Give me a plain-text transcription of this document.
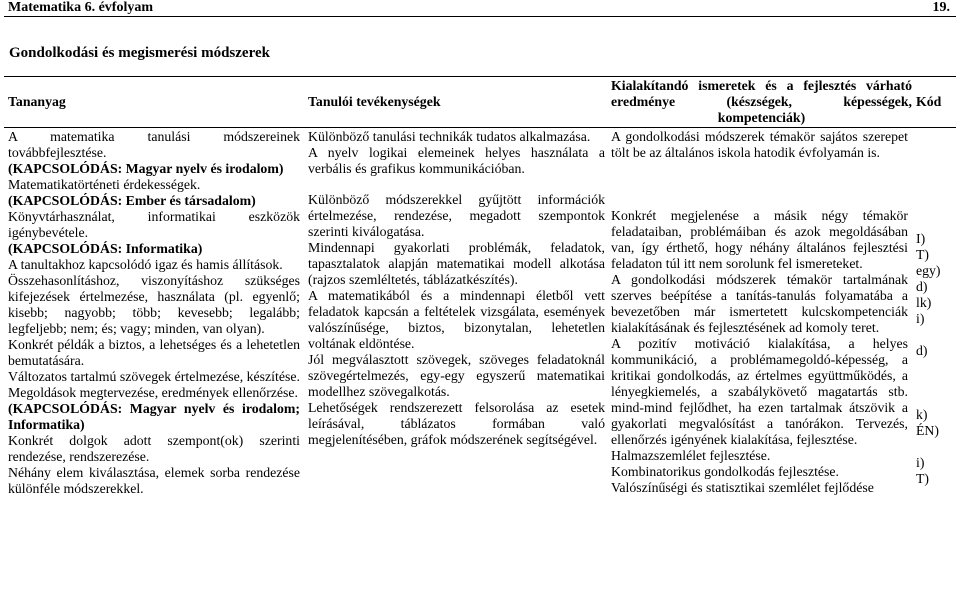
Matematika 6. évfolyam	19.
Gondolkodási és megismerési módszerek
Tananyag	Tanulói tevékenységek
Kialakítandó ismeretek és a fejlesztés várható
eredménye (készségek, képességek,
kompetenciák)
Kód

A matematika tanulási módszereinek továbbfejlesztése.

(KAPCSOLÓDÁS: Magyar nyelv és irodalom)

Matematikatörténeti érdekességek.

(KAPCSOLÓDÁS: Ember és társadalom)

Könyvtárhasználat, informatikai eszközök igénybevétele.

(KAPCSOLÓDÁS: Informatika)

A tanultakhoz kapcsolódó igaz és hamis állítások.

Összehasonlításhoz, viszonyításhoz szükséges kifejezések értelmezése, használata (pl. egyenlő; kisebb; nagyobb; több; kevesebb; legalább; legfeljebb; nem; és; vagy; minden, van olyan).

Konkrét példák a biztos, a lehetséges és a lehetetlen bemutatására.

Változatos tartalmú szövegek értelmezése, készítése.

Megoldások megtervezése, eredmények ellenőrzése.

(KAPCSOLÓDÁS: Magyar nyelv és irodalom; Informatika)

Konkrét dolgok adott szempont(ok) szerinti rendezése, rendszerezése.

Néhány elem kiválasztása, elemek sorba rendezése különféle módszerekkel.

Különböző tanulási technikák tudatos alkalmazása.

A nyelv logikai elemeinek helyes használata a verbális és grafikus kommunikációban.

Különböző módszerekkel gyűjtött információk értelmezése, rendezése, megadott szempontok szerinti kiválogatása.

Mindennapi gyakorlati problémák, feladatok, tapasztalatok alapján matematikai modell alkotása (rajzos szemléltetés, táblázatkészítés).

A matematikából és a mindennapi életből vett feladatok kapcsán a feltételek vizsgálata, események valószínűsége, biztos, bizonytalan, lehetetlen voltának eldöntése.

Jól megválasztott szövegek, szöveges feladatoknál szövegértelmezés, egy-egy egyszerű matematikai modellhez szövegalkotás.

Lehetőségek rendszerezett felsorolása az esetek leírásával, táblázatos formában való megjelenítésében, gráfok módszerének segítségével.

A gondolkodási módszerek témakör sajátos szerepet tölt be az általános iskola hatodik évfolyamán is.

Konkrét megjelenése a másik négy témakör feladataiban, problémáiban és azok megoldásában van, így érthető, hogy néhány általános fejlesztési feladaton túl itt nem sorolunk fel ismereteket.

A gondolkodási módszerek témakör tartalmának szerves beépítése a tanítás-tanulás folyamatába a bevezetőben már ismertetett kulcskompetenciák kialakításának és fejlesztésének ad komoly teret.

A pozitív motiváció kialakítása, a helyes kommunikáció, a problémamegoldó-képesség, a kritikai gondolkodás, az értelmes együttműködés, a lényegkiemelés, a szabálykövető magatartás stb. mind-mind fejlődhet, ha ezen tartalmak átszövik a gyakorlati megvalósítást a tanórákon. Tervezés, ellenőrzés igényének kialakítása, fejlesztése.

Halmazszemlélet fejlesztése.

Kombinatorikus gondolkodás fejlesztése.

Valószínűségi és statisztikai szemlélet fejlődése

I)
T)
egy)
d)
lk)
i)

d)

k)
ÉN)

i)
T)
